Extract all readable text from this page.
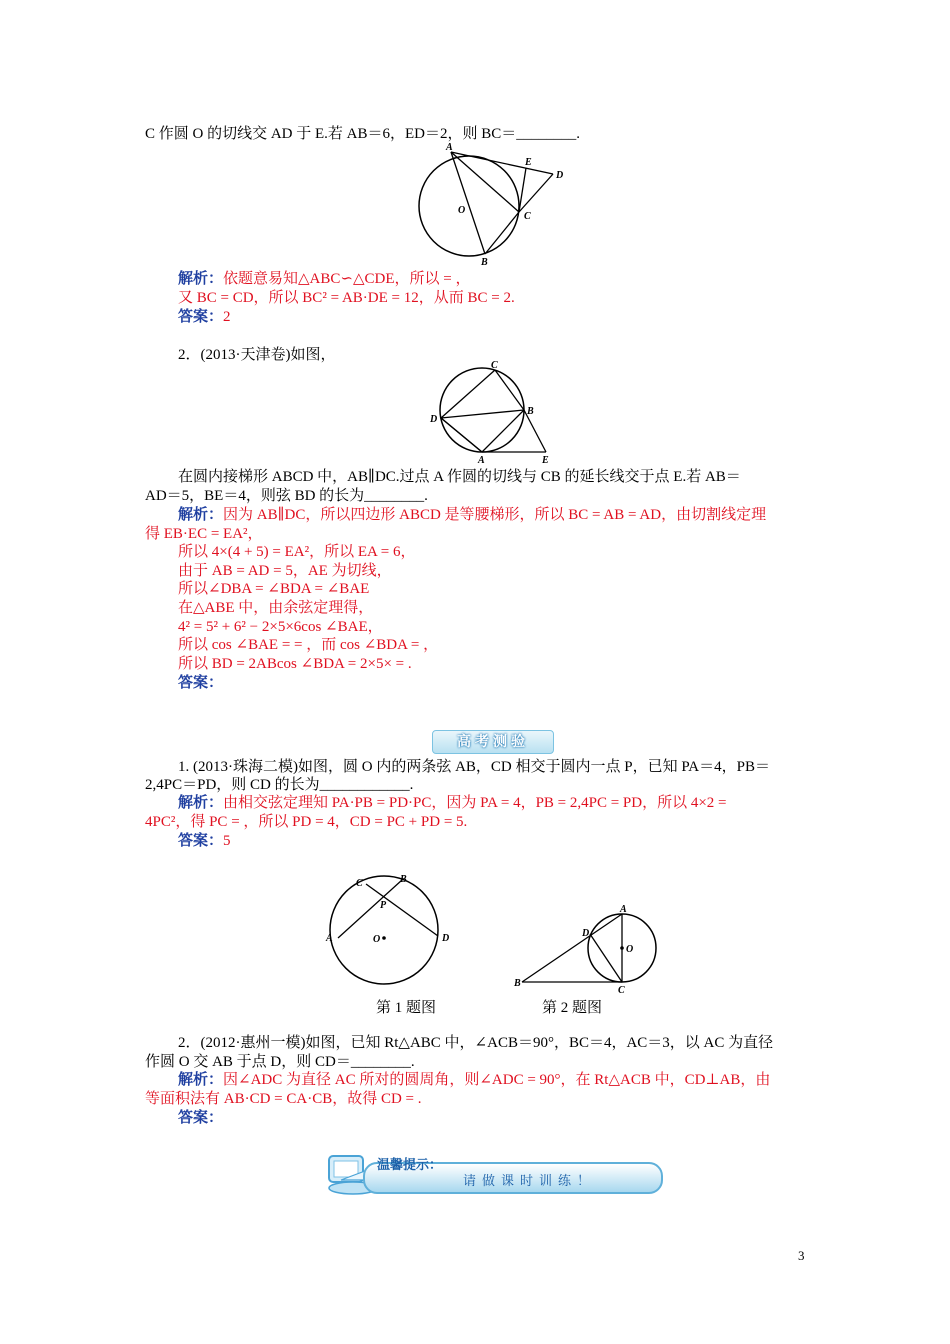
C 作圆 O 的切线交 AD 于 E.若 AB＝6，ED＝2，则 BC＝________.
A
E
D
C
B
O
解析：依题意易知△ABC∽△CDE，所以 = ，
又 BC = CD，所以 BC² = AB·DE = 12，从而 BC = 2.
答案：2
2．(2013·天津卷)如图，
C
B
D
A	E
在圆内接梯形 ABCD 中，AB∥DC.过点 A 作圆的切线与 CB 的延长线交于点 E.若 AB＝
AD＝5，BE＝4，则弦 BD 的长为________.
解析：因为 AB∥DC，所以四边形 ABCD 是等腰梯形，所以 BC = AB = AD，由切割线定理
得 EB·EC = EA²，
所以 4×(4 + 5) = EA²，所以 EA = 6，
由于 AB = AD = 5，AE 为切线，
所以∠DBA = ∠BDA = ∠BAE
在△ABE 中，由余弦定理得，
4² = 5² + 6² − 2×5×6cos ∠BAE，
所以 cos ∠BAE = = ，而 cos ∠BDA = ，
所以 BD = 2ABcos ∠BDA = 2×5× = .
答案：
高考测验
1. (2013·珠海二模)如图，圆 O 内的两条弦 AB，CD 相交于圆内一点 P，已知 PA＝4，PB＝
2,4PC＝PD，则 CD 的长为____________.
解析：由相交弦定理知 PA·PB = PD·PC，因为 PA = 4，PB = 2,4PC = PD，所以 4×2 =
4PC²，得 PC = ，所以 PD = 4，CD = PC + PD = 5.
答案：5
C	B
P
A	D
O
第 1 题图
A
D
O
B
C
第 2 题图
2．(2012·惠州一模)如图，已知 Rt△ABC 中，∠ACB＝90°，BC＝4，AC＝3，以 AC 为直径
作圆 O 交 AB 于点 D，则 CD＝________.
解析：因∠ADC 为直径 AC 所对的圆周角，则∠ADC = 90°，在 Rt△ACB 中，CD⊥AB，由
等面积法有 AB·CD = CA·CB，故得 CD = .
答案：
温馨提示：
请做课时训练！
3
